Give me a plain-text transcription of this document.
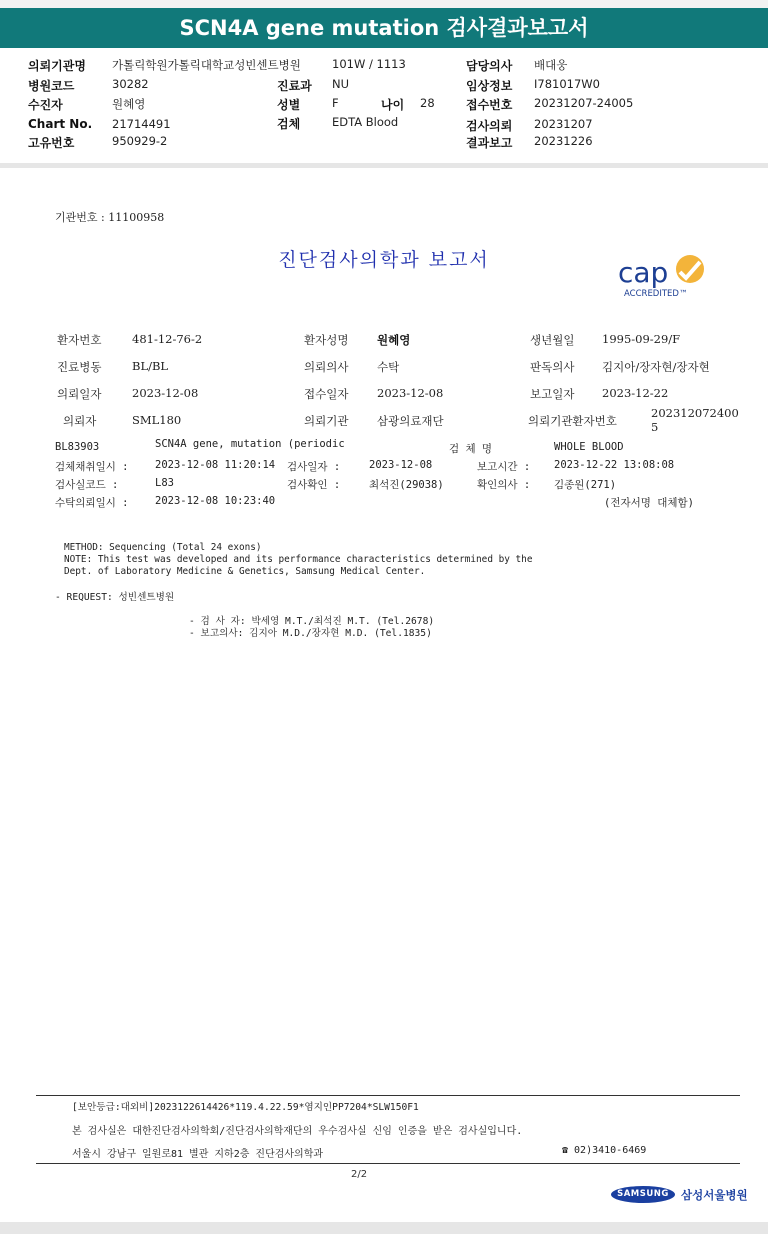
SCN4A gene mutation 검사결과보고서
의뢰기관명 가톨릭학원가톨릭대학교성빈센트병원	101W / 1113	담당의사 배대웅
병원코드	30282	진료과 NU	임상정보 I781017W0
수진자	원혜영	성별	F	나이 28	접수번호 20231207-24005
Chart No. 21714491	검체	EDTA Blood	검사의뢰 20231207
고유번호	950929-2	결과보고 20231226
기관번호 : 11100958
진단검사의학과 보고서	cap
ACCREDITED™
환자번호	481-12-76-2	환자성명 원혜영	생년월일 1995-09-29/F
진료병동	BL/BL	의뢰의사 수탁	판독의사 김지아/장자현/장자현
의뢰일자	2023-12-08	접수일자 2023-12-08	보고일자 2023-12-22
의뢰자	SML180	의뢰기관 삼광의료재단	의뢰기관환자번호
202312072400
5
BL83903	SCN4A gene, mutation (periodic	검 체 명	WHOLE BLOOD
검체채취일시 :	2023-12-08 11:20:14 검사일자 :	2023-12-08	보고시간 : 2023-12-22 13:08:08
검사실코드 :	L83	검사확인 :	최석진(29038)	확인의사 : 김종원(271)
수탁의뢰일시 :	2023-12-08 10:23:40	(전자서명 대체함)
METHOD: Sequencing (Total 24 exons)
NOTE: This test was developed and its performance characteristics determined by the
Dept. of Laboratory Medicine & Genetics, Samsung Medical Center.
- REQUEST: 성빈센트병원
- 검 사 자: 박세영 M.T./최석진 M.T. (Tel.2678)
- 보고의사: 김지아 M.D./장자현 M.D. (Tel.1835)
[보안등급:대외비]2023122614426*119.4.22.59*염지인PP7204*SLW150F1
본 검사실은 대한진단검사의학회/진단검사의학재단의 우수검사실 신임 인증을 받은 검사실입니다.
서울시 강남구 일원로81 별관 지하2층 진단검사의학과	☎ 02)3410-6469
2/2
SAMSUNG	삼성서울병원
